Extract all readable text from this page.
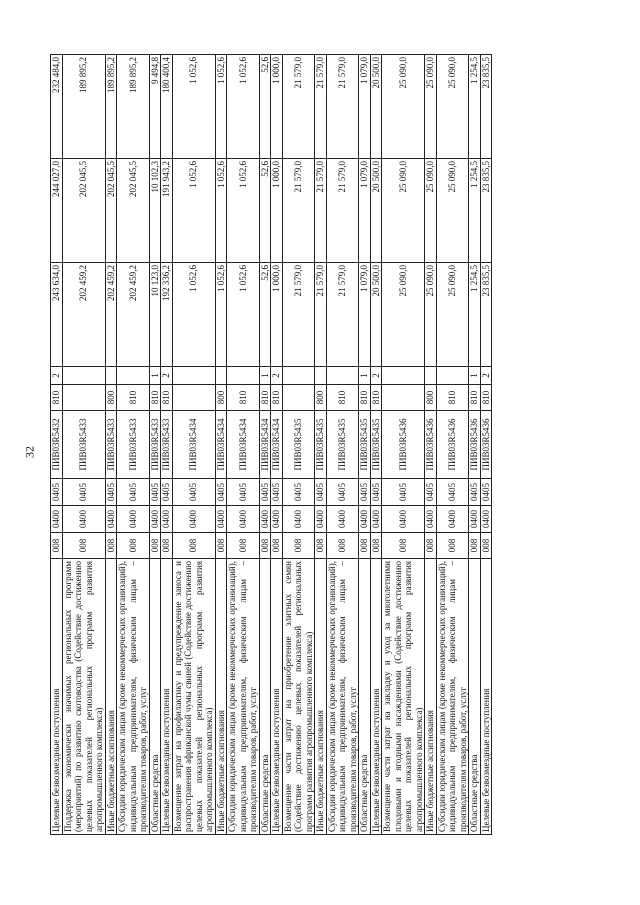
32
Целевые безвозмездные поступления	008	0400	0405	ПИВ03R5432	810	2	243 634,0	244 027,0	232 484,0
Поддержка экономически значимых региональных программ (мероприятий) по развитию скотоводства (Содействие достижению целевых показателей региональных программ развития агропромышленного комплекса)	008	0400	0405	ПИВ03R5433			202 459,2	202 045,5	189 895,2
Иные бюджетные ассигнования	008	0400	0405	ПИВ03R5433	800		202 459,2	202 045,5	189 895,2
Субсидии юридическим лицам (кроме некоммерческих организаций), индивидуальным предпринимателям, физическим лицам – производителям товаров, работ, услуг	008	0400	0405	ПИВ03R5433	810		202 459,2	202 045,5	189 895,2
Областные средства	008	0400	0405	ПИВ03R5433	810	1	10 123,0	10 102,3	9 494,8
Целевые безвозмездные поступления	008	0400	0405	ПИВ03R5433	810	2	192 336,2	191 943,2	180 400,4
Возмещение затрат на профилактику и предупреждение заноса и распространения африканской чумы свиней (Содействие достижению целевых показателей региональных программ развития агропромышленного комплекса)	008	0400	0405	ПИВ03R5434			1 052,6	1 052,6	1 052,6
Иные бюджетные ассигнования	008	0400	0405	ПИВ03R5434	800		1 052,6	1 052,6	1 052,6
Субсидии юридическим лицам (кроме некоммерческих организаций), индивидуальным предпринимателям, физическим лицам – производителям товаров, работ, услуг	008	0400	0405	ПИВ03R5434	810		1 052,6	1 052,6	1 052,6
Областные средства	008	0400	0405	ПИВ03R5434	810	1	52,6	52,6	52,6
Целевые безвозмездные поступления	008	0400	0405	ПИВ03R5434	810	2	1 000,0	1 000,0	1 000,0
Возмещение части затрат на приобретение элитных семян (Содействие достижению целевых показателей региональных программ развития агропромышленного комплекса)	008	0400	0405	ПИВ03R5435			21 579,0	21 579,0	21 579,0
Иные бюджетные ассигнования	008	0400	0405	ПИВ03R5435	800		21 579,0	21 579,0	21 579,0
Субсидии юридическим лицам (кроме некоммерческих организаций), индивидуальным предпринимателям, физическим лицам – производителям товаров, работ, услуг	008	0400	0405	ПИВ03R5435	810		21 579,0	21 579,0	21 579,0
Областные средства	008	0400	0405	ПИВ03R5435	810	1	1 079,0	1 079,0	1 079,0
Целевые безвозмездные поступления	008	0400	0405	ПИВ03R5435	810	2	20 500,0	20 500,0	20 500,0
Возмещение части затрат на закладку и уход за многолетними плодовыми и ягодными насаждениями (Содействие достижению целевых показателей региональных программ развития агропромышленного комплекса)	008	0400	0405	ПИВ03R5436			25 090,0	25 090,0	25 090,0
Иные бюджетные ассигнования	008	0400	0405	ПИВ03R5436	800		25 090,0	25 090,0	25 090,0
Субсидии юридическим лицам (кроме некоммерческих организаций), индивидуальным предпринимателям, физическим лицам – производителям товаров, работ, услуг	008	0400	0405	ПИВ03R5436	810		25 090,0	25 090,0	25 090,0
Областные средства	008	0400	0405	ПИВ03R5436	810	1	1 254,5	1 254,5	1 254,5
Целевые безвозмездные поступления	008	0400	0405	ПИВ03R5436	810	2	23 835,5	23 835,5	23 835,5
